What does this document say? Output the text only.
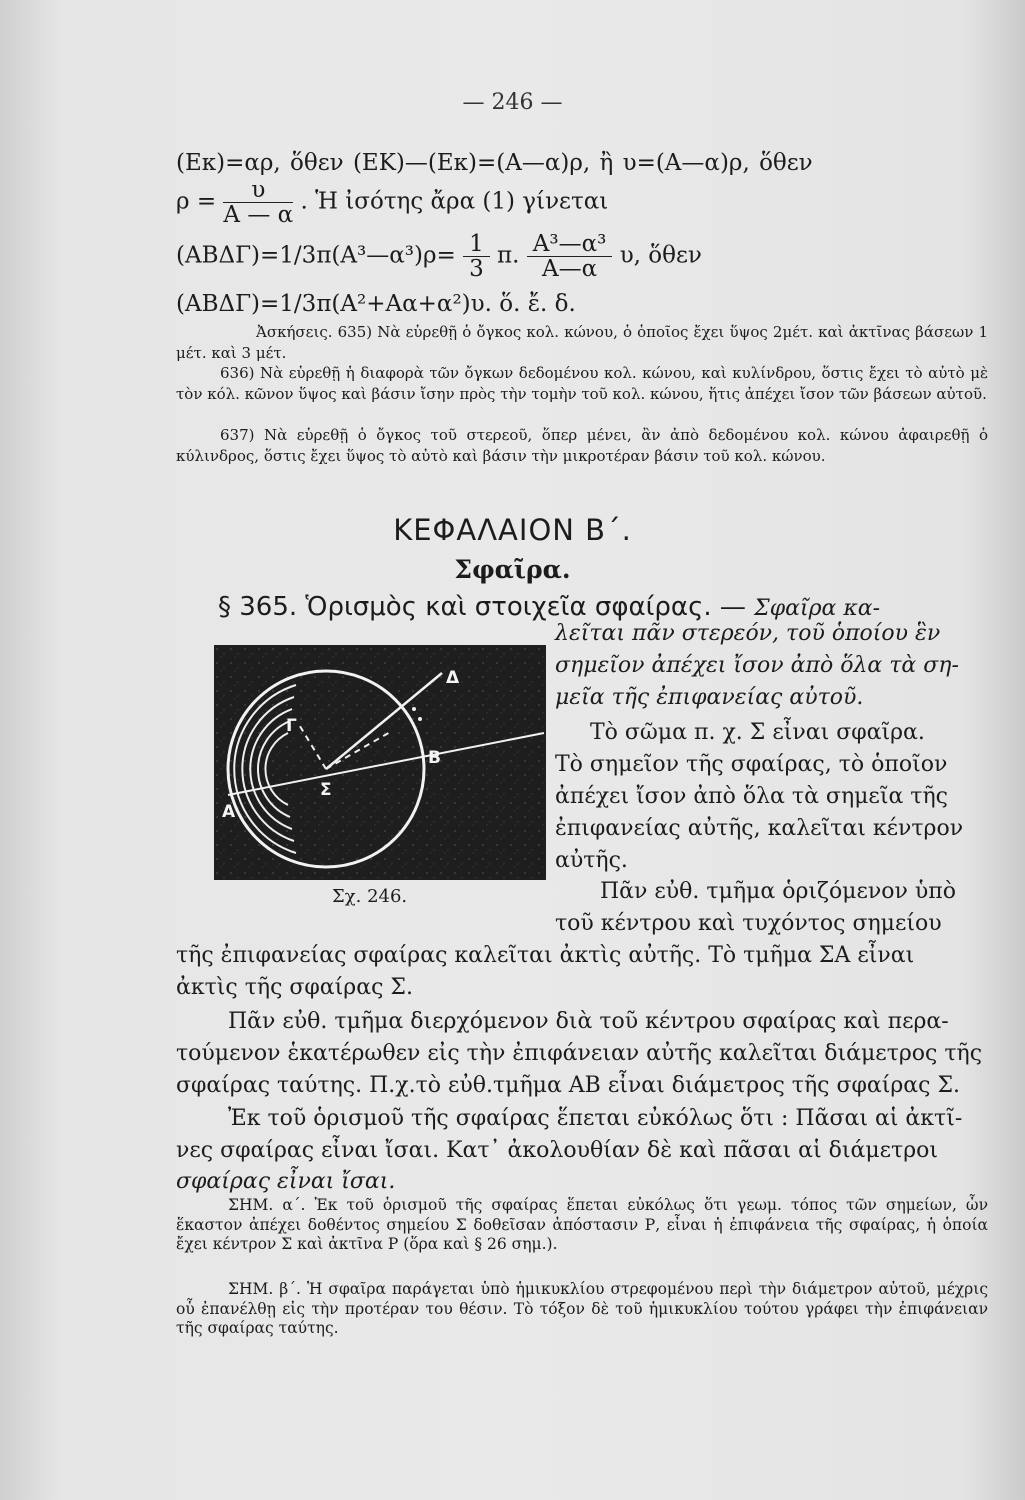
— 246 —
(Εκ)=αρ, ὅθεν (ΕΚ)—(Εκ)=(Α—α)ρ, ἢ υ=(Α—α)ρ, ὅθεν
$\rho = \frac{\upsilon}{A — \alpha}$ . Ἡ ἰσότης ἄρα (1) γίνεται
(ΑΒΔΓ)=1/3π(Α³—α³)ρ= $\frac{1}{3} \pi$. $\frac{\text{Α³—α³}}{A—\alpha} \upsilon$, ὅθεν
(ΑΒΔΓ)=1/3π(Α²+Αα+α²)υ. ὅ. ἔ. δ.
Ἀσκήσεις. 635) Νὰ εὑρεθῇ ὁ ὄγκος κολ. κώνου, ὁ ὁποῖος ἔχει ὕψος 2μέτ. καὶ ἀκτῖνας βάσεων 1 μέτ. καὶ 3 μέτ.
636) Νὰ εὑρεθῇ ἡ διαφορὰ τῶν ὄγκων δεδομένου κολ. κώνου, καὶ κυλίνδρου, ὅστις ἔχει τὸ αὐτὸ μὲ τὸν κόλ. κῶνον ὕψος καὶ βάσιν ἴσην πρὸς τὴν τομὴν τοῦ κολ. κώνου, ἥτις ἀπέχει ἴσον τῶν βάσεων αὐτοῦ.
637) Νὰ εὑρεθῇ ὁ ὄγκος τοῦ στερεοῦ, ὅπερ μένει, ἂν ἀπὸ δεδομένου κολ. κώνου ἀφαιρεθῇ ὁ κύλινδρος, ὅστις ἔχει ὕψος τὸ αὐτὸ καὶ βάσιν τὴν μικροτέραν βάσιν τοῦ κολ. κώνου.
ΚΕΦΑΛΑΙΟΝ Β΄.
Σφαῖρα.
§ 365. Ὁρισμὸς καὶ στοιχεῖα σφαίρας. — Σφαῖρα κα-
Δ
Γ
Β
Α
Σ
Σχ. 246.
λεῖται πᾶν στερεόν, τοῦ ὁποίου ἓν
σημεῖον ἀπέχει ἴσον ἀπὸ ὅλα τὰ ση-
μεῖα τῆς ἐπιφανείας αὐτοῦ.
Τὸ σῶμα π. χ. Σ εἶναι σφαῖρα.
Τὸ σημεῖον τῆς σφαίρας, τὸ ὁποῖον
ἀπέχει ἴσον ἀπὸ ὅλα τὰ σημεῖα τῆς
ἐπιφανείας αὐτῆς, καλεῖται κέντρον
αὐτῆς.
Πᾶν εὐθ. τμῆμα ὁριζόμενον ὑπὸ
τοῦ κέντρου καὶ τυχόντος σημείου
τῆς ἐπιφανείας σφαίρας καλεῖται ἀκτὶς αὐτῆς. Τὸ τμῆμα ΣΑ εἶναι
ἀκτὶς τῆς σφαίρας Σ.
Πᾶν εὐθ. τμῆμα διερχόμενον διὰ τοῦ κέντρου σφαίρας καὶ περα-
τούμενον ἑκατέρωθεν εἰς τὴν ἐπιφάνειαν αὐτῆς καλεῖται διάμετρος τῆς
σφαίρας ταύτης. Π.χ.τὸ εὐθ.τμῆμα ΑΒ εἶναι διάμετρος τῆς σφαίρας Σ.
Ἐκ τοῦ ὁρισμοῦ τῆς σφαίρας ἕπεται εὐκόλως ὅτι : Πᾶσαι αἱ ἀκτῖ-
νες σφαίρας εἶναι ἴσαι. Κατ᾽ ἀκολουθίαν δὲ καὶ πᾶσαι αἱ διάμετροι
σφαίρας εἶναι ἴσαι.
ΣΗΜ. α΄. Ἐκ τοῦ ὁρισμοῦ τῆς σφαίρας ἕπεται εὐκόλως ὅτι γεωμ. τόπος τῶν σημείων, ὧν ἕκαστον ἀπέχει δοθέντος σημείου Σ δοθεῖσαν ἀπόστασιν Ρ, εἶναι ἡ ἐπιφάνεια τῆς σφαίρας, ἡ ὁποία ἔχει κέντρον Σ καὶ ἀκτῖνα Ρ (ὅρα καὶ § 26 σημ.).
ΣΗΜ. β΄. Ἡ σφαῖρα παράγεται ὑπὸ ἡμικυκλίου στρεφομένου περὶ τὴν διάμετρον αὐτοῦ, μέχρις οὗ ἐπανέλθῃ εἰς τὴν προτέραν του θέσιν. Τὸ τόξον δὲ τοῦ ἡμικυκλίου τούτου γράφει τὴν ἐπιφάνειαν τῆς σφαίρας ταύτης.
